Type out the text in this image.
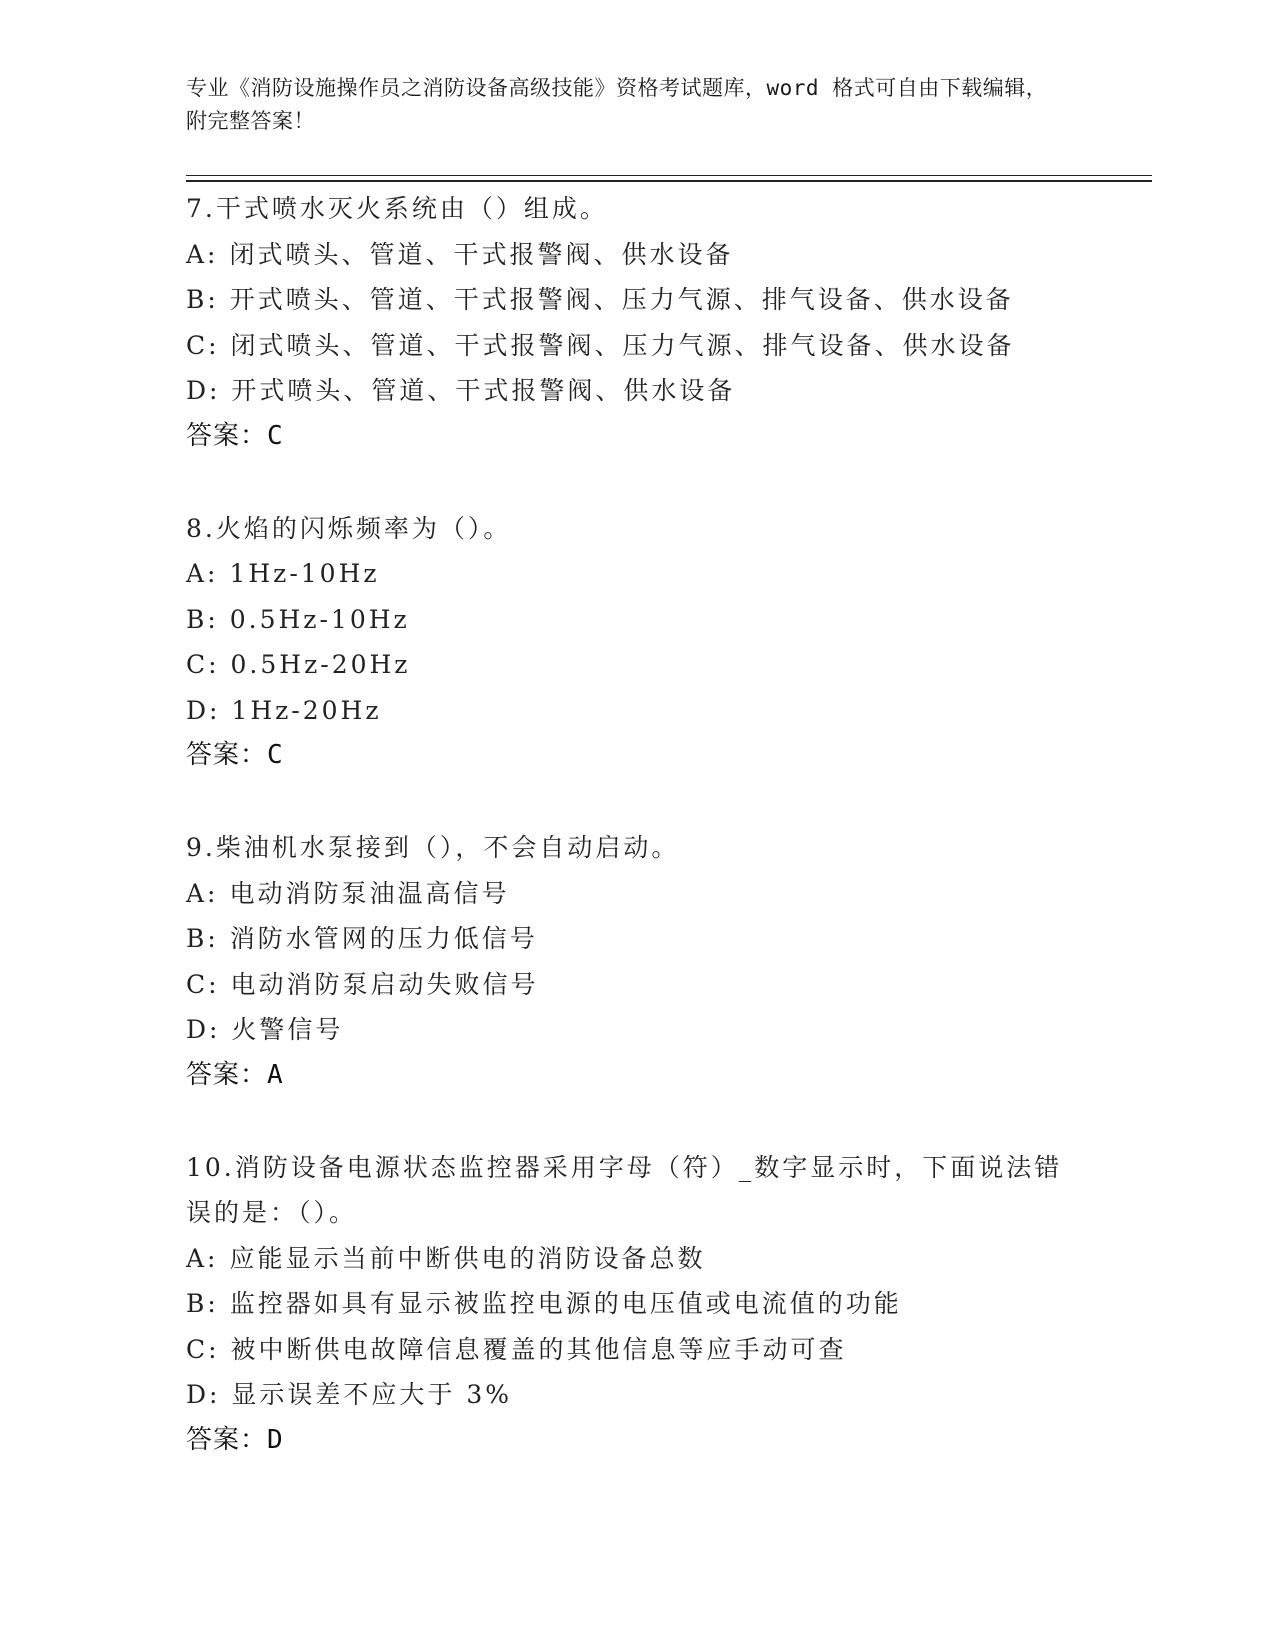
专业《消防设施操作员之消防设备高级技能》资格考试题库，word 格式可自由下载编辑，附完整答案！
7.干式喷水灭火系统由（）组成。
A: 闭式喷头、管道、干式报警阀、供水设备
B: 开式喷头、管道、干式报警阀、压力气源、排气设备、供水设备
C: 闭式喷头、管道、干式报警阀、压力气源、排气设备、供水设备
D: 开式喷头、管道、干式报警阀、供水设备
答案：C
8.火焰的闪烁频率为（）。
A: 1Hz-10Hz
B: 0.5Hz-10Hz
C: 0.5Hz-20Hz
D: 1Hz-20Hz
答案：C
9.柴油机水泵接到（），不会自动启动。
A: 电动消防泵油温高信号
B: 消防水管网的压力低信号
C: 电动消防泵启动失败信号
D: 火警信号
答案：A
10.消防设备电源状态监控器采用字母（符）_数字显示时，下面说法错误的是：（）。
A: 应能显示当前中断供电的消防设备总数
B: 监控器如具有显示被监控电源的电压值或电流值的功能
C: 被中断供电故障信息覆盖的其他信息等应手动可查
D: 显示误差不应大于 3%
答案：D
